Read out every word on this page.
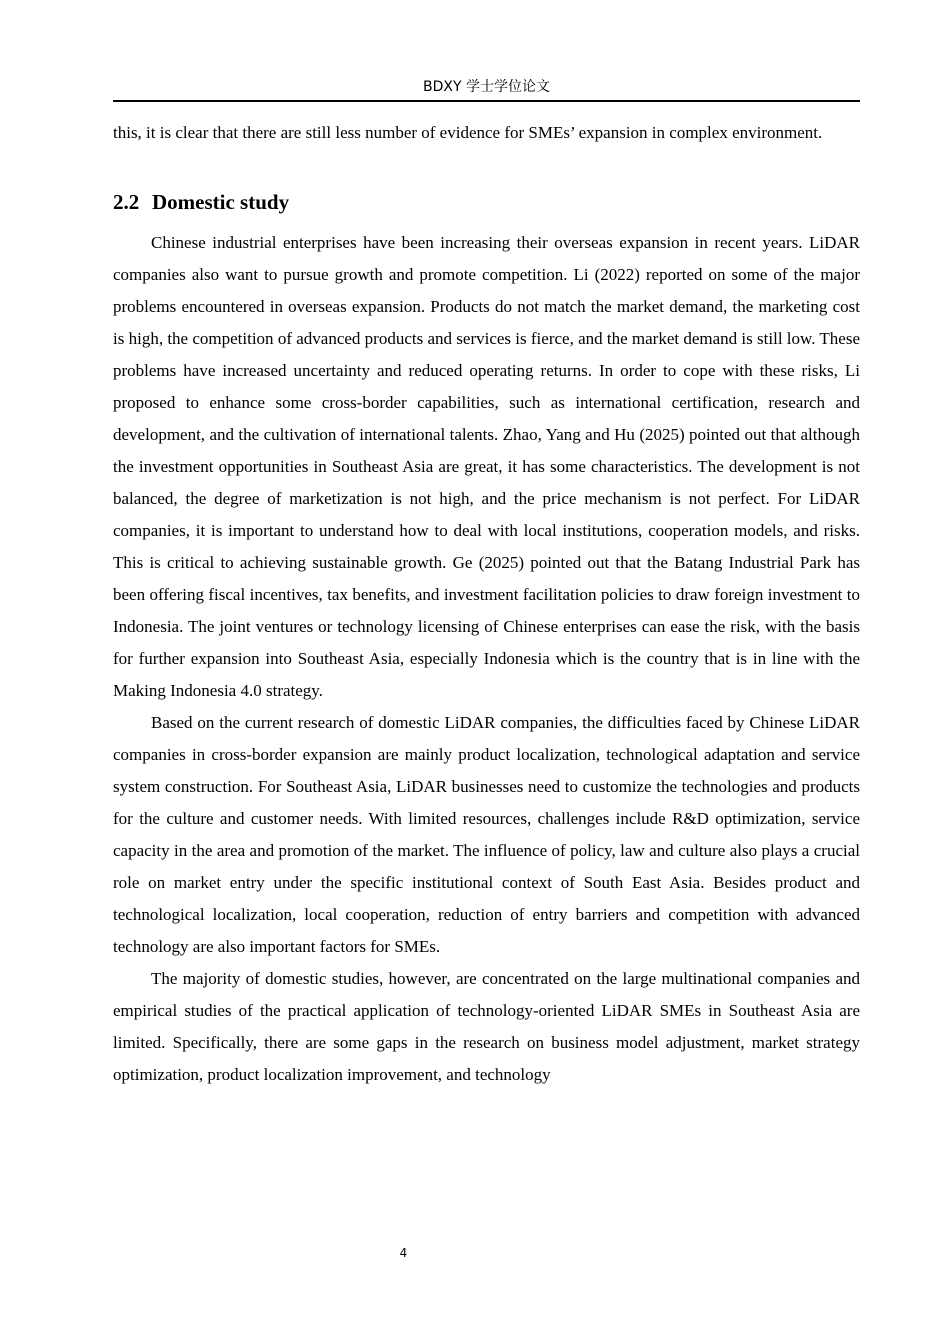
BDXY 学士学位论文

this, it is clear that there are still less number of evidence for SMEs’ expansion in complex environment.

2.2 Domestic study

Chinese industrial enterprises have been increasing their overseas expansion in recent years. LiDAR companies also want to pursue growth and promote competition. Li (2022) reported on some of the major problems encountered in overseas expansion. Products do not match the market demand, the marketing cost is high, the competition of advanced products and services is fierce, and the market demand is still low. These problems have increased uncertainty and reduced operating returns. In order to cope with these risks, Li proposed to enhance some cross-border capabilities, such as international certification, research and development, and the cultivation of international talents. Zhao, Yang and Hu (2025) pointed out that although the investment opportunities in Southeast Asia are great, it has some characteristics. The development is not balanced, the degree of marketization is not high, and the price mechanism is not perfect. For LiDAR companies, it is important to understand how to deal with local institutions, cooperation models, and risks. This is critical to achieving sustainable growth. Ge (2025) pointed out that the Batang Industrial Park has been offering fiscal incentives, tax benefits, and investment facilitation policies to draw foreign investment to Indonesia. The joint ventures or technology licensing of Chinese enterprises can ease the risk, with the basis for further expansion into Southeast Asia, especially Indonesia which is the country that is in line with the Making Indonesia 4.0 strategy.

Based on the current research of domestic LiDAR companies, the difficulties faced by Chinese LiDAR companies in cross-border expansion are mainly product localization, technological adaptation and service system construction. For Southeast Asia, LiDAR businesses need to customize the technologies and products for the culture and customer needs. With limited resources, challenges include R&D optimization, service capacity in the area and promotion of the market. The influence of policy, law and culture also plays a crucial role on market entry under the specific institutional context of South East Asia. Besides product and technological localization, local cooperation, reduction of entry barriers and competition with advanced technology are also important factors for SMEs.

The majority of domestic studies, however, are concentrated on the large multinational companies and empirical studies of the practical application of technology-oriented LiDAR SMEs in Southeast Asia are limited. Specifically, there are some gaps in the research on business model adjustment, market strategy optimization, product localization improvement, and technology

4
